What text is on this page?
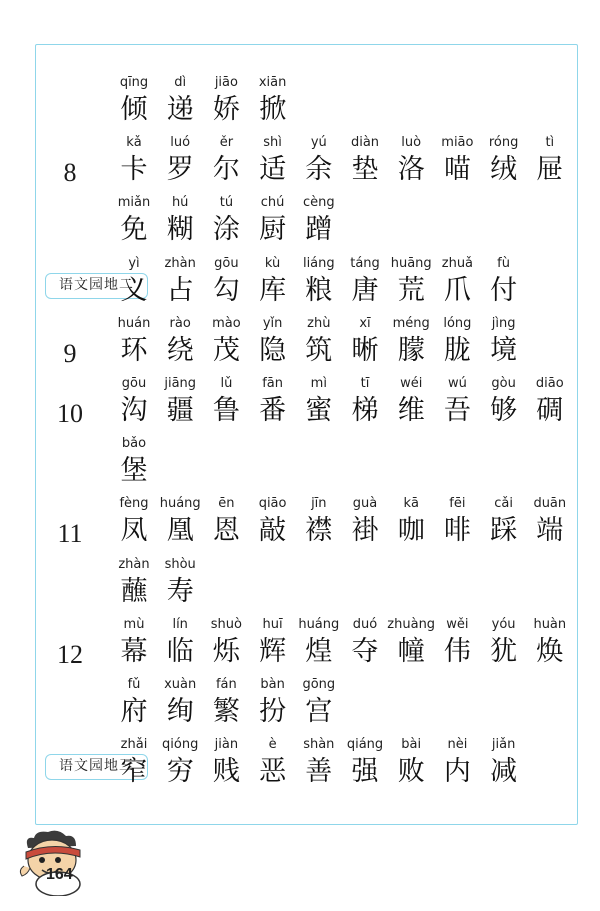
qīng
倾
dì
递
jiāo
娇
xiān
掀
8
kǎ
卡
luó
罗
ěr
尔
shì
适
yú
余
diàn
垫
luò
洛
miāo
喵
róng
绒
tì
屉
miǎn
免
hú
糊
tú
涂
chú
厨
cèng
蹭
语文园地二
yì
义
zhàn
占
gōu
勾
kù
库
liáng
粮
táng
唐
huāng
荒
zhuǎ
爪
fù
付
9
huán
环
rào
绕
mào
茂
yǐn
隐
zhù
筑
xī
晰
méng
朦
lóng
胧
jìng
境
10
gōu
沟
jiāng
疆
lǔ
鲁
fān
番
mì
蜜
tī
梯
wéi
维
wú
吾
gòu
够
diāo
碉
bǎo
堡
11
fèng
凤
huáng
凰
ēn
恩
qiāo
敲
jīn
襟
guà
褂
kā
咖
fēi
啡
cǎi
踩
duān
端
zhàn
蘸
shòu
寿
12
mù
幕
lín
临
shuò
烁
huī
辉
huáng
煌
duó
夺
zhuàng
幢
wěi
伟
yóu
犹
huàn
焕
fǔ
府
xuàn
绚
fán
繁
bàn
扮
gōng
宫
语文园地三
zhǎi
窄
qióng
穷
jiàn
贱
è
恶
shàn
善
qiáng
强
bài
败
nèi
内
jiǎn
减
164
